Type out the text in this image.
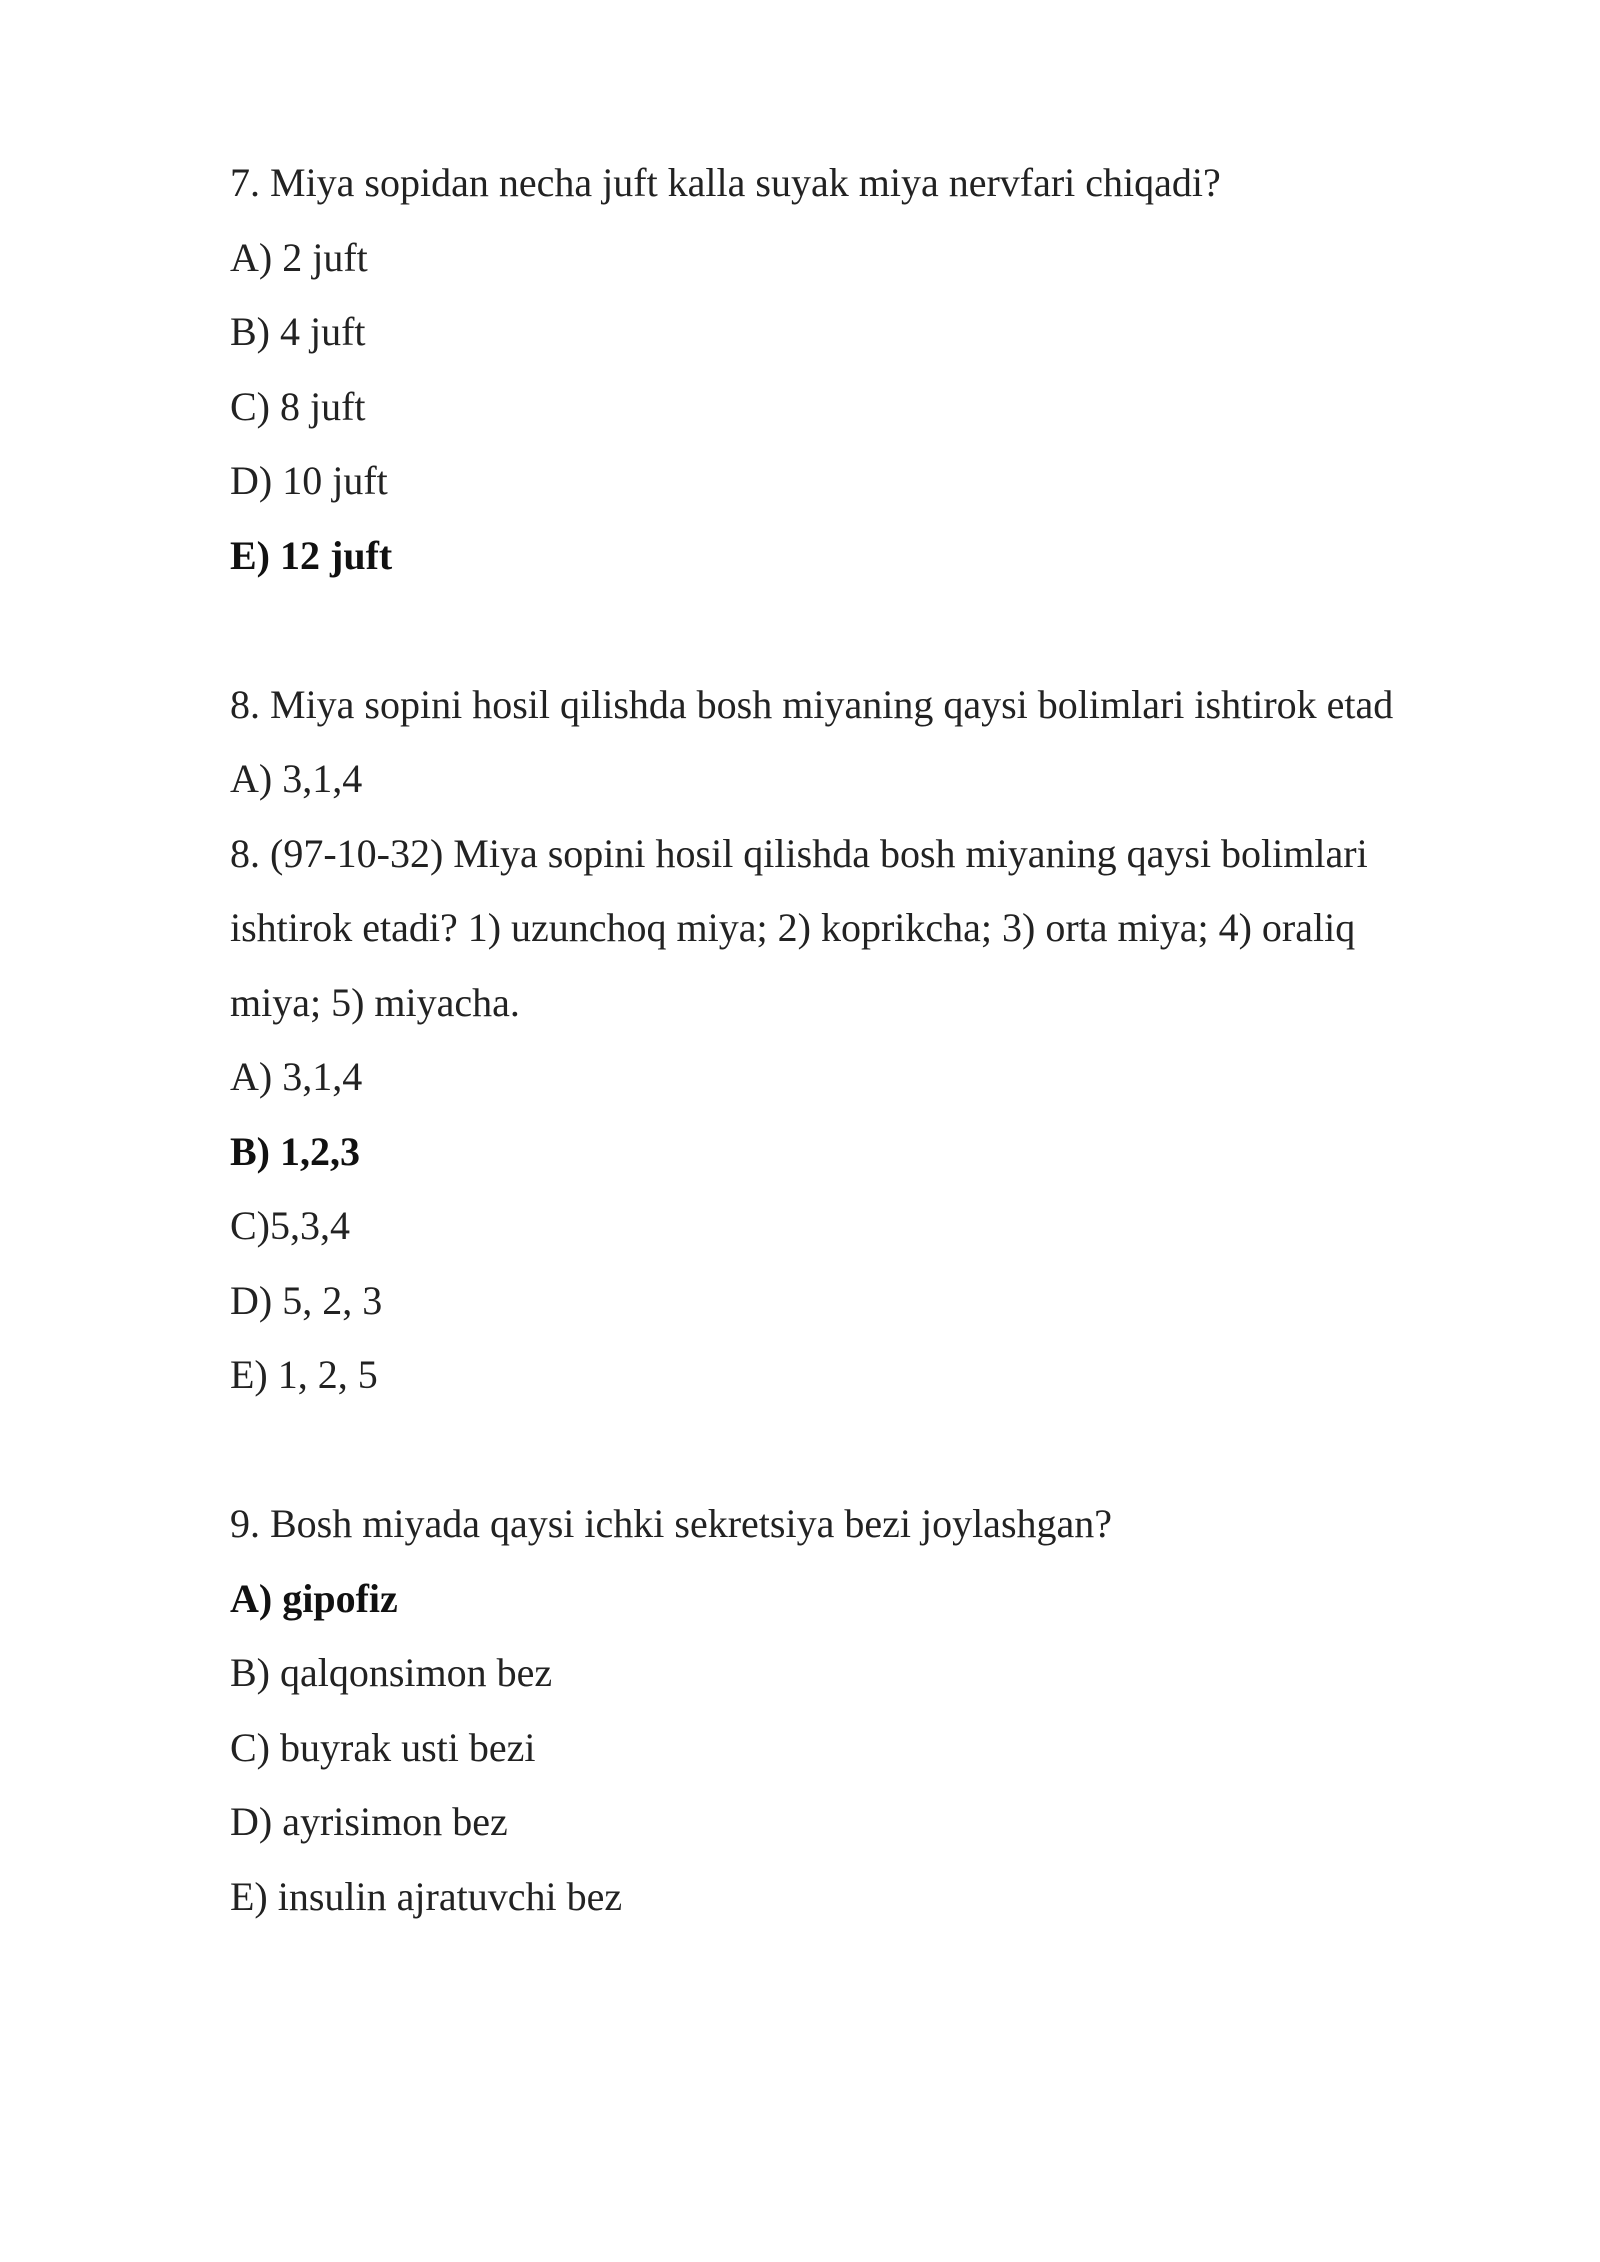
7. Miya sopidan necha juft kalla suyak miya nervfari chiqadi?

A) 2 juft

B) 4 juft

C) 8 juft

D) 10 juft

E) 12 juft

8. Miya sopini hosil qilishda bosh miyaning qaysi bolimlari ishtirok etad

A) 3,1,4

8. (97-10-32) Miya sopini hosil qilishda bosh miyaning qaysi bolimlari

ishtirok etadi? 1) uzunchoq miya; 2) koprikcha; 3) orta miya; 4) oraliq

miya; 5) miyacha.

A) 3,1,4

B) 1,2,3

C)5,3,4

D) 5, 2, 3

E) 1, 2, 5

9. Bosh miyada qaysi ichki sekretsiya bezi joylashgan?

A) gipofiz

B) qalqonsimon bez

C) buyrak usti bezi

D) ayrisimon bez

E) insulin ajratuvchi bez
